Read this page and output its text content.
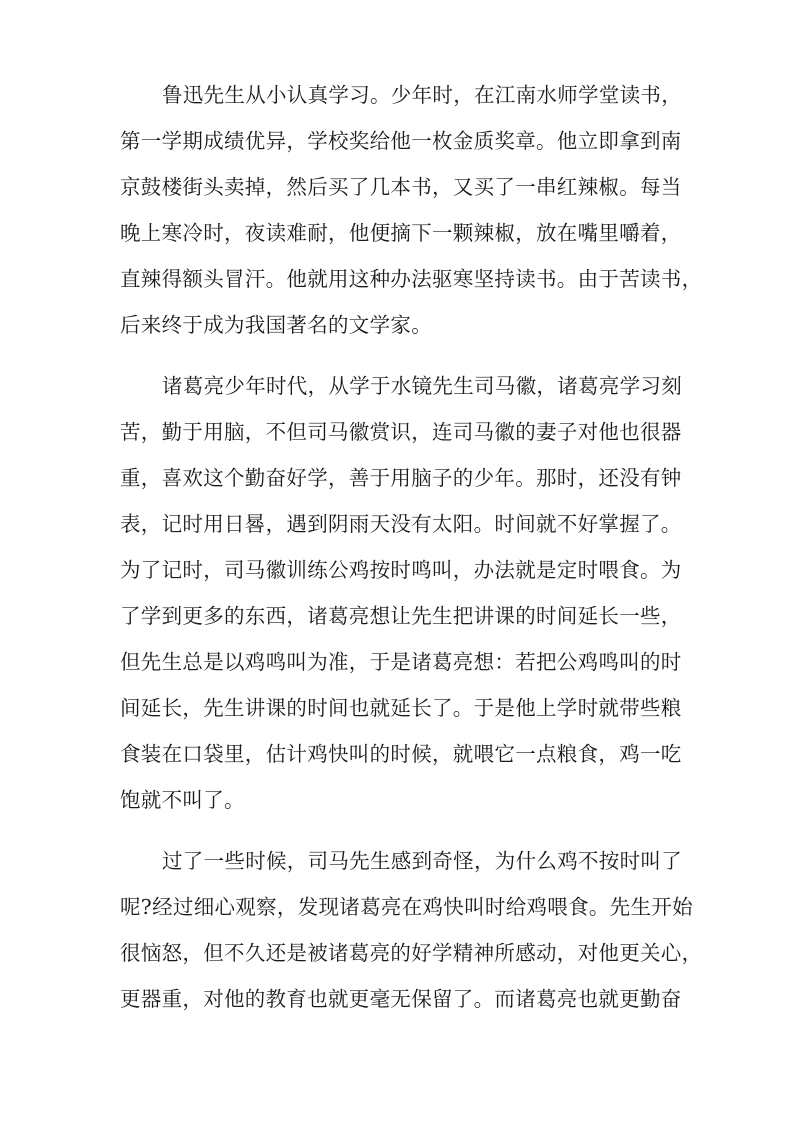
鲁迅先生从小认真学习。少年时，在江南水师学堂读书，
第一学期成绩优异，学校奖给他一枚金质奖章。他立即拿到南
京鼓楼街头卖掉，然后买了几本书，又买了一串红辣椒。每当
晚上寒冷时，夜读难耐，他便摘下一颗辣椒，放在嘴里嚼着，
直辣得额头冒汗。他就用这种办法驱寒坚持读书。由于苦读书，
后来终于成为我国著名的文学家。
诸葛亮少年时代，从学于水镜先生司马徽，诸葛亮学习刻
苦，勤于用脑，不但司马徽赏识，连司马徽的妻子对他也很器
重，喜欢这个勤奋好学，善于用脑子的少年。那时，还没有钟
表，记时用日晷，遇到阴雨天没有太阳。时间就不好掌握了。
为了记时，司马徽训练公鸡按时鸣叫，办法就是定时喂食。为
了学到更多的东西，诸葛亮想让先生把讲课的时间延长一些，
但先生总是以鸡鸣叫为准，于是诸葛亮想：若把公鸡鸣叫的时
间延长，先生讲课的时间也就延长了。于是他上学时就带些粮
食装在口袋里，估计鸡快叫的时候，就喂它一点粮食，鸡一吃
饱就不叫了。
过了一些时候，司马先生感到奇怪，为什么鸡不按时叫了
呢?经过细心观察，发现诸葛亮在鸡快叫时给鸡喂食。先生开始
很恼怒，但不久还是被诸葛亮的好学精神所感动，对他更关心，
更器重，对他的教育也就更毫无保留了。而诸葛亮也就更勤奋
